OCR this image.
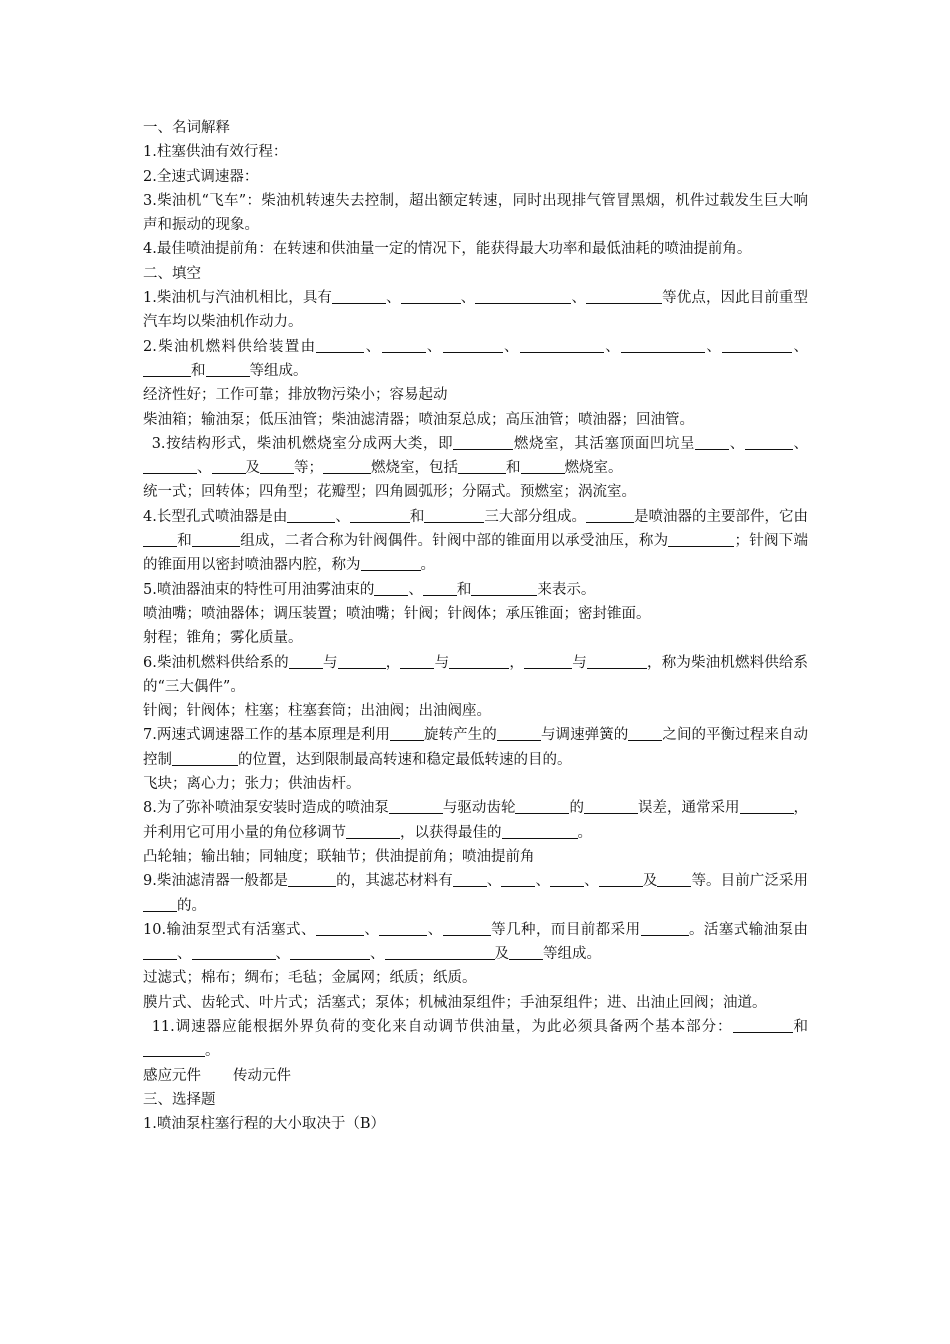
一、名词解释

1.柱塞供油有效行程：

2.全速式调速器：

3.柴油机“飞车”：柴油机转速失去控制，超出额定转速，同时出现排气管冒黑烟，机件过载发生巨大响声和振动的现象。

4.最佳喷油提前角：在转速和供油量一定的情况下，能获得最大功率和最低油耗的喷油提前角。

二、填空

1.柴油机与汽油机相比，具有	、	、	、	等优点，因此目前重型汽车均以柴油机作动力。

2.柴油机燃料供给装置由	、	、	、	、	、	、和	等组成。

经济性好；工作可靠；排放物污染小；容易起动

柴油箱；输油泵；低压油管；柴油滤清器；喷油泵总成；高压油管；喷油器；回油管。

3.按结构形式，柴油机燃烧室分成两大类，即	燃烧室，其活塞顶面凹坑呈 、	、、 及 等；	燃烧室，包括	和	燃烧室。

统一式；回转体；四角型；花瓣型；四角圆弧形；分隔式。预燃室；涡流室。

4.长型孔式喷油器是由	、	和	三大部分组成。	是喷油器的主要部件，它由和	组成，二者合称为针阀偶件。针阀中部的锥面用以承受油压，称为	；针阀下端的锥面用以密封喷油器内腔，称为	。

5.喷油器油束的特性可用油雾油束的 、 和	来表示。

喷油嘴；喷油器体；调压装置；喷油嘴；针阀；针阀体；承压锥面；密封锥面。

射程；锥角；雾化质量。

6.柴油机燃料供给系的 与	， 与	，	与	，称为柴油机燃料供给系的“三大偶件”。

针阀；针阀体；柱塞；柱塞套筒；出油阀；出油阀座。

7.两速式调速器工作的基本原理是利用 旋转产生的	与调速弹簧的 之间的平衡过程来自动控制	的位置，达到限制最高转速和稳定最低转速的目的。

飞块；离心力；张力；供油齿杆。

8.为了弥补喷油泵安装时造成的喷油泵	与驱动齿轮	的	误差，通常采用	，并利用它可用小量的角位移调节	，以获得最佳的	。

凸轮轴；输出轴；同轴度；联轴节；供油提前角；喷油提前角

9.柴油滤清器一般都是	的，其滤芯材料有 、 、 、	及 等。目前广泛采用的。

10.输油泵型式有活塞式、	、	、	等几种，而目前都采用	。活塞式输油泵由、	、	、	及 等组成。

过滤式；棉布；绸布；毛毡；金属网；纸质；纸质。

膜片式、齿轮式、叶片式；活塞式；泵体；机械油泵组件；手油泵组件；进、出油止回阀；油道。

11.调速器应能根据外界负荷的变化来自动调节供油量，为此必须具备两个基本部分：	和。

感应元件 传动元件

三、选择题

1.喷油泵柱塞行程的大小取决于（B）
